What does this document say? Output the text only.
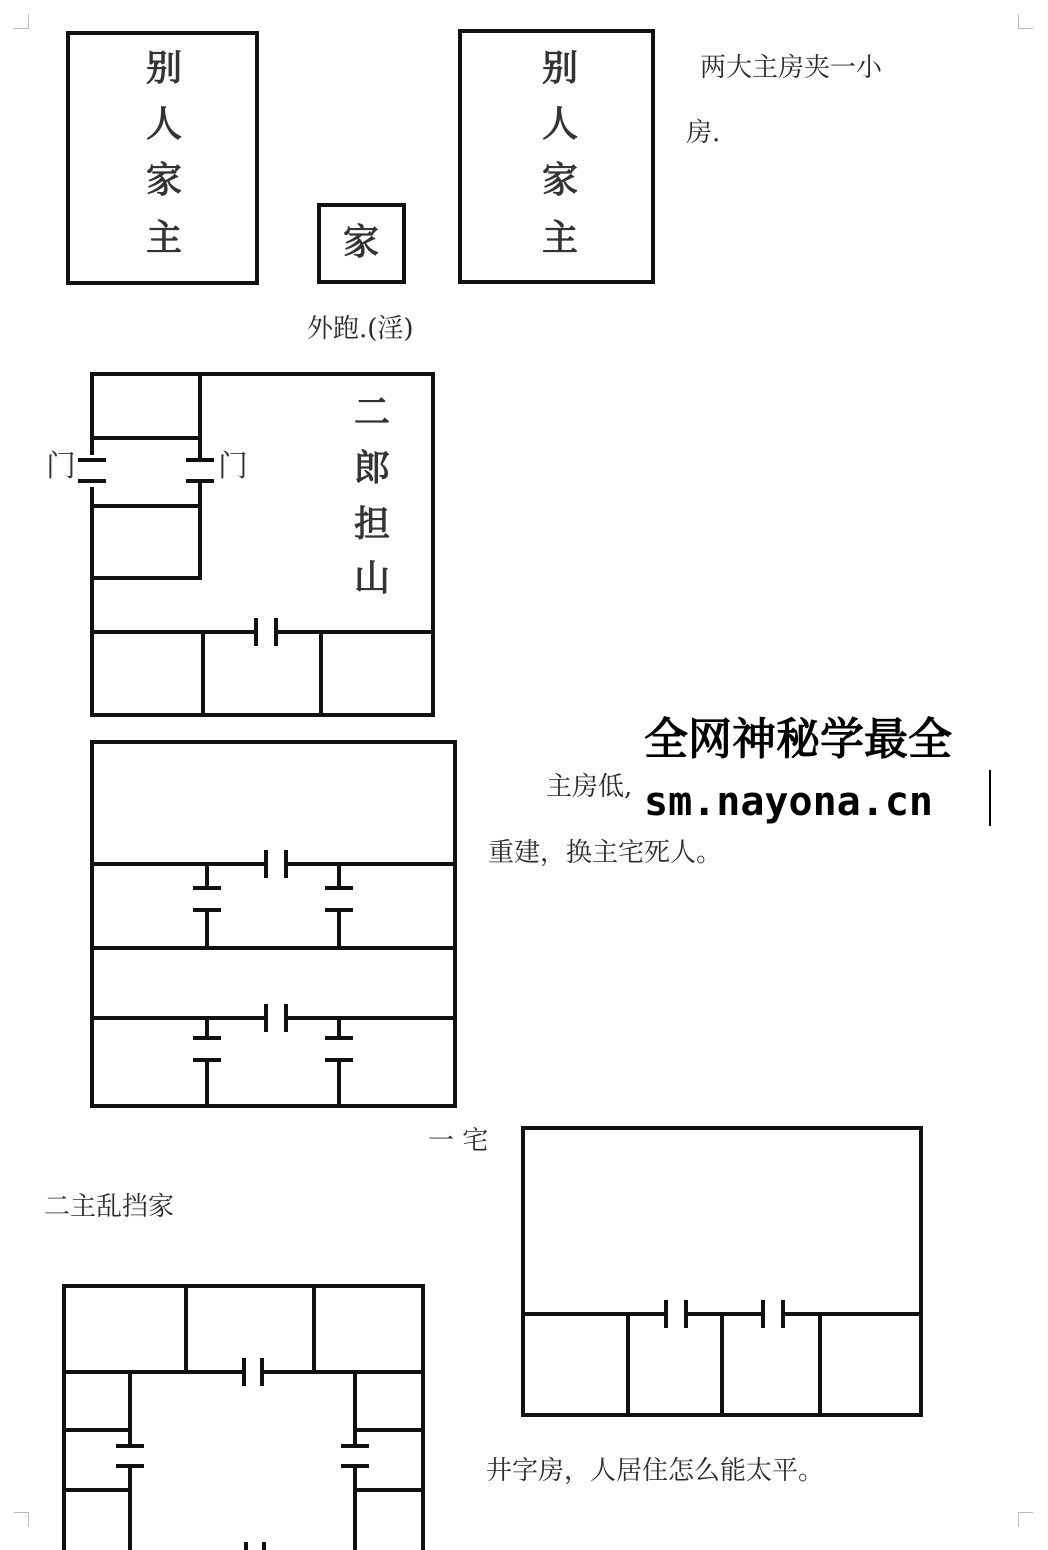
别
人
家
主	家
别
人
家
主
两大主房夹一小
房.
外跑.(淫)
二
郎
担
山
门	门
主房低,
重建，换主宅死人。
一 宅
二主乱挡家
井字房，人居住怎么能太平。
全网神秘学最全
sm.nayona.cn
